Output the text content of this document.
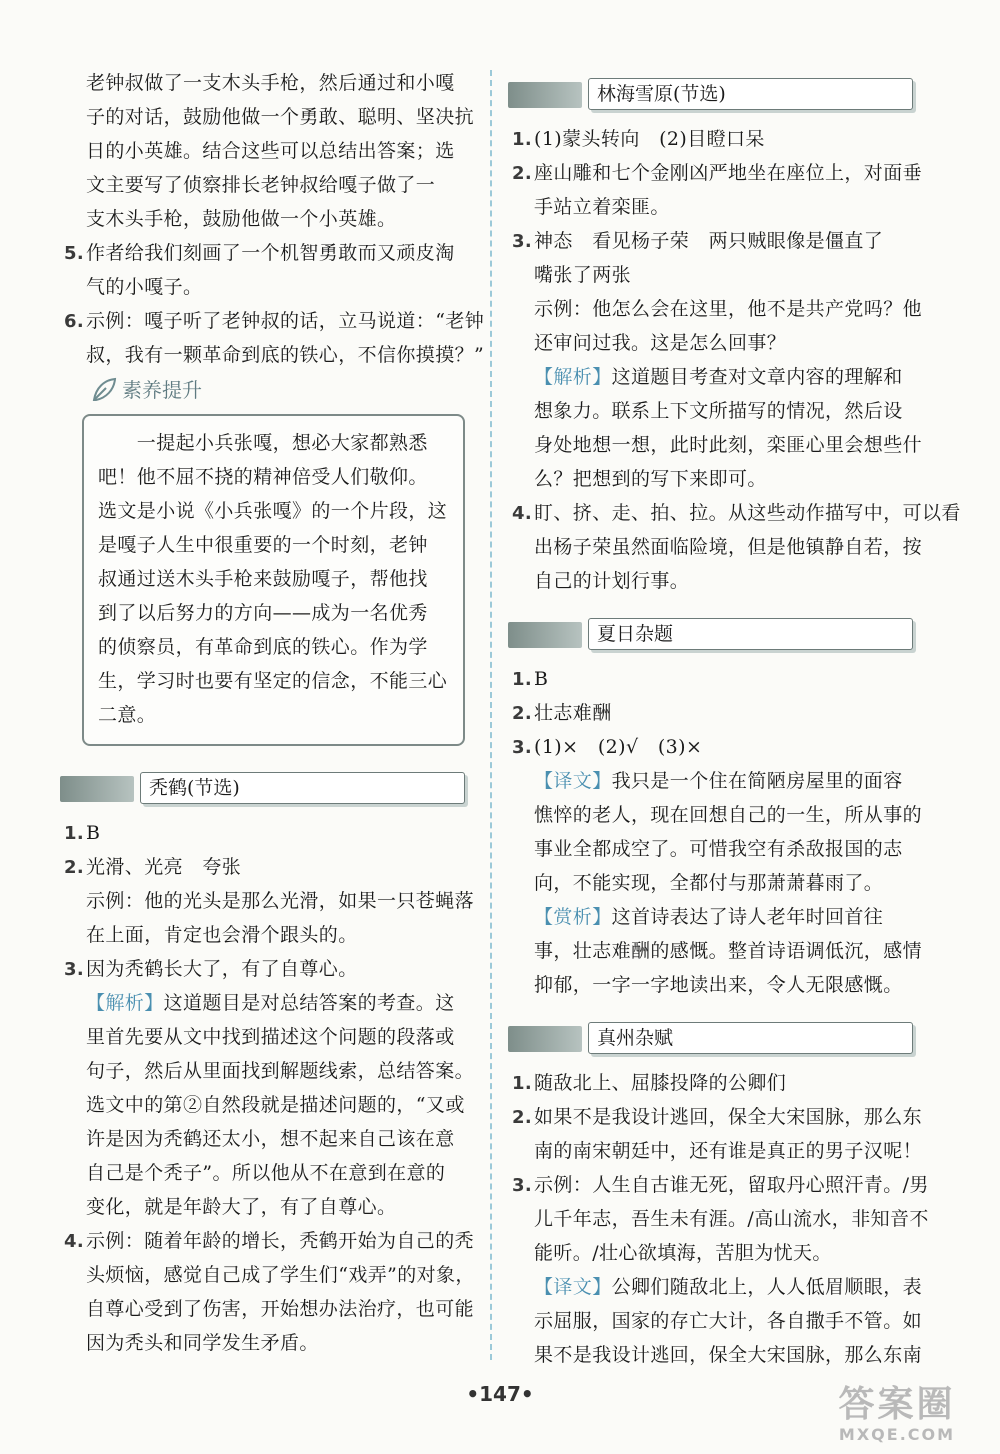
老钟叔做了一支木头手枪，然后通过和小嘎
子的对话，鼓励他做一个勇敢、聪明、坚决抗
日的小英雄。结合这些可以总结出答案；选
文主要写了侦察排长老钟叔给嘎子做了一
支木头手枪，鼓励他做一个小英雄。
5.作者给我们刻画了一个机智勇敢而又顽皮淘
气的小嘎子。
6.示例：嘎子听了老钟叔的话，立马说道：“老钟
叔，我有一颗革命到底的铁心，不信你摸摸？”
素养提升
　　一提起小兵张嘎，想必大家都熟悉
吧！他不屈不挠的精神倍受人们敬仰。
选文是小说《小兵张嘎》的一个片段，这
是嘎子人生中很重要的一个时刻，老钟
叔通过送木头手枪来鼓励嘎子，帮他找
到了以后努力的方向——成为一名优秀
的侦察员，有革命到底的铁心。作为学
生，学习时也要有坚定的信念，不能三心
二意。
秃鹤(节选)
1.B
2.光滑、光亮　夸张
示例：他的光头是那么光滑，如果一只苍蝇落
在上面，肯定也会滑个跟头的。
3.因为秃鹤长大了，有了自尊心。
【解析】这道题目是对总结答案的考查。这
里首先要从文中找到描述这个问题的段落或
句子，然后从里面找到解题线索，总结答案。
选文中的第②自然段就是描述问题的，“又或
许是因为秃鹤还太小，想不起来自己该在意
自己是个秃子”。所以他从不在意到在意的
变化，就是年龄大了，有了自尊心。
4.示例：随着年龄的增长，秃鹤开始为自己的秃
头烦恼，感觉自己成了学生们“戏弄”的对象，
自尊心受到了伤害，开始想办法治疗，也可能
因为秃头和同学发生矛盾。
林海雪原(节选)
1.(1)蒙头转向　(2)目瞪口呆
2.座山雕和七个金刚凶严地坐在座位上，对面垂
手站立着栾匪。
3.神态　看见杨子荣　两只贼眼像是僵直了
嘴张了两张
示例：他怎么会在这里，他不是共产党吗？他
还审问过我。这是怎么回事？
【解析】这道题目考查对文章内容的理解和
想象力。联系上下文所描写的情况，然后设
身处地想一想，此时此刻，栾匪心里会想些什
么？把想到的写下来即可。
4.盯、挤、走、拍、拉。从这些动作描写中，可以看
出杨子荣虽然面临险境，但是他镇静自若，按
自己的计划行事。
夏日杂题
1.B
2.壮志难酬
3.(1)×　(2)√　(3)×
【译文】我只是一个住在简陋房屋里的面容
憔悴的老人，现在回想自己的一生，所从事的
事业全都成空了。可惜我空有杀敌报国的志
向，不能实现，全都付与那萧萧暮雨了。
【赏析】这首诗表达了诗人老年时回首往
事，壮志难酬的感慨。整首诗语调低沉，感情
抑郁，一字一字地读出来，令人无限感慨。
真州杂赋
1.随敌北上、屈膝投降的公卿们
2.如果不是我设计逃回，保全大宋国脉，那么东
南的南宋朝廷中，还有谁是真正的男子汉呢！
3.示例：人生自古谁无死，留取丹心照汗青。/男
儿千年志，吾生未有涯。/高山流水，非知音不
能听。/壮心欲填海，苦胆为忧天。
【译文】公卿们随敌北上，人人低眉顺眼，表
示屈服，国家的存亡大计，各自撒手不管。如
果不是我设计逃回，保全大宋国脉，那么东南
•147•	答案圈
MXQE.COM
